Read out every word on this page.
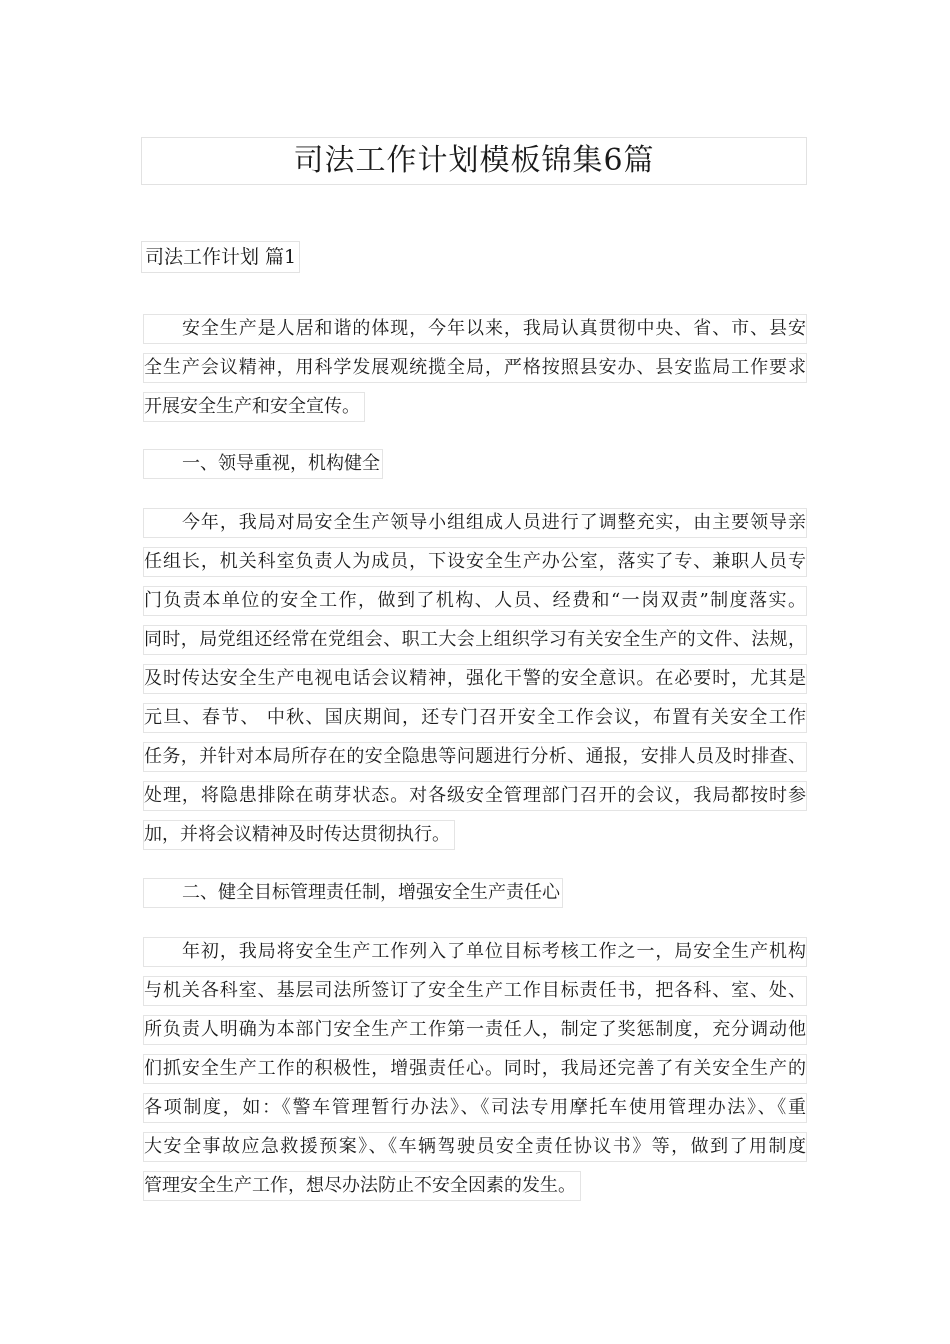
司法工作计划模板锦集6篇
司法工作计划 篇1
安全生产是人居和谐的体现，今年以来，我局认真贯彻中央、省、市、县安
全生产会议精神，用科学发展观统揽全局，严格按照县安办、县安监局工作要求
开展安全生产和安全宣传。
一、领导重视，机构健全
今年，我局对局安全生产领导小组组成人员进行了调整充实，由主要领导亲
任组长，机关科室负责人为成员，下设安全生产办公室，落实了专、兼职人员专
门负责本单位的安全工作，做到了机构、人员、经费和“一岗双责”制度落实。
同时，局党组还经常在党组会、职工大会上组织学习有关安全生产的文件、法规，
及时传达安全生产电视电话会议精神，强化干警的安全意识。在必要时，尤其是
元旦、春节、 中秋、国庆期间，还专门召开安全工作会议，布置有关安全工作
任务，并针对本局所存在的安全隐患等问题进行分析、通报，安排人员及时排查、
处理，将隐患排除在萌芽状态。对各级安全管理部门召开的会议，我局都按时参
加，并将会议精神及时传达贯彻执行。
二、健全目标管理责任制，增强安全生产责任心
年初，我局将安全生产工作列入了单位目标考核工作之一，局安全生产机构
与机关各科室、基层司法所签订了安全生产工作目标责任书，把各科、室、处、
所负责人明确为本部门安全生产工作第一责任人，制定了奖惩制度，充分调动他
们抓安全生产工作的积极性，增强责任心。同时，我局还完善了有关安全生产的
各项制度，如：《警车管理暂行办法》、《司法专用摩托车使用管理办法》、《重
大安全事故应急救援预案》、《车辆驾驶员安全责任协议书》等，做到了用制度
管理安全生产工作，想尽办法防止不安全因素的发生。
